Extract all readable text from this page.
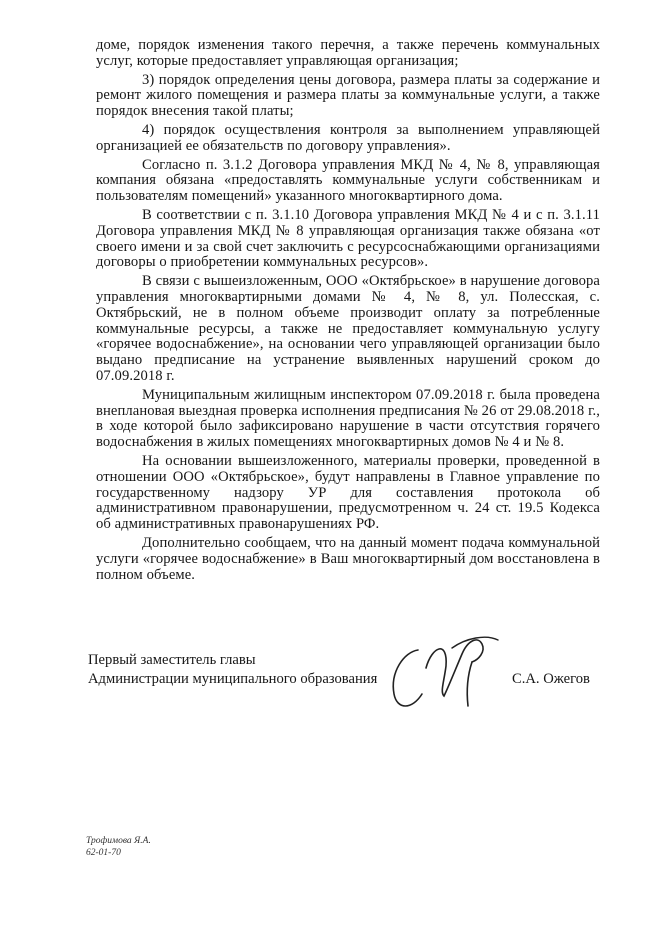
доме, порядок изменения такого перечня, а также перечень коммунальных услуг, которые предоставляет управляющая организация;

3) порядок определения цены договора, размера платы за содержание и ремонт жилого помещения и размера платы за коммунальные услуги, а также порядок внесения такой платы;

4) порядок осуществления контроля за выполнением управляющей организацией ее обязательств по договору управления».

Согласно п. 3.1.2 Договора управления МКД № 4, № 8, управляющая компания обязана «предоставлять коммунальные услуги собственникам и пользователям помещений» указанного многоквартирного дома.

В соответствии с п. 3.1.10 Договора управления МКД № 4 и с п. 3.1.11 Договора управления МКД № 8 управляющая организация также обязана «от своего имени и за свой счет заключить с ресурсоснабжающими организациями договоры о приобретении коммунальных ресурсов».

В связи с вышеизложенным, ООО «Октябрьское» в нарушение договора управления многоквартирными домами № 4, № 8, ул. Полесская, с. Октябрьский, не в полном объеме производит оплату за потребленные коммунальные ресурсы, а также не предоставляет коммунальную услугу «горячее водоснабжение», на основании чего управляющей организации было выдано предписание на устранение выявленных нарушений сроком до 07.09.2018 г.

Муниципальным жилищным инспектором 07.09.2018 г. была проведена внеплановая выездная проверка исполнения предписания № 26 от 29.08.2018 г., в ходе которой было зафиксировано нарушение в части отсутствия горячего водоснабжения в жилых помещениях многоквартирных домов № 4 и № 8.

На основании вышеизложенного, материалы проверки, проведенной в отношении ООО «Октябрьское», будут направлены в Главное управление по государственному надзору УР для составления протокола об административном правонарушении, предусмотренном ч. 24 ст. 19.5 Кодекса об административных правонарушениях РФ.

Дополнительно сообщаем, что на данный момент подача коммунальной услуги «горячее водоснабжение» в Ваш многоквартирный дом восстановлена в полном объеме.

Первый заместитель главы
Администрации муниципального образования	С.А. Ожегов
Трофимова Я.А.
62-01-70
